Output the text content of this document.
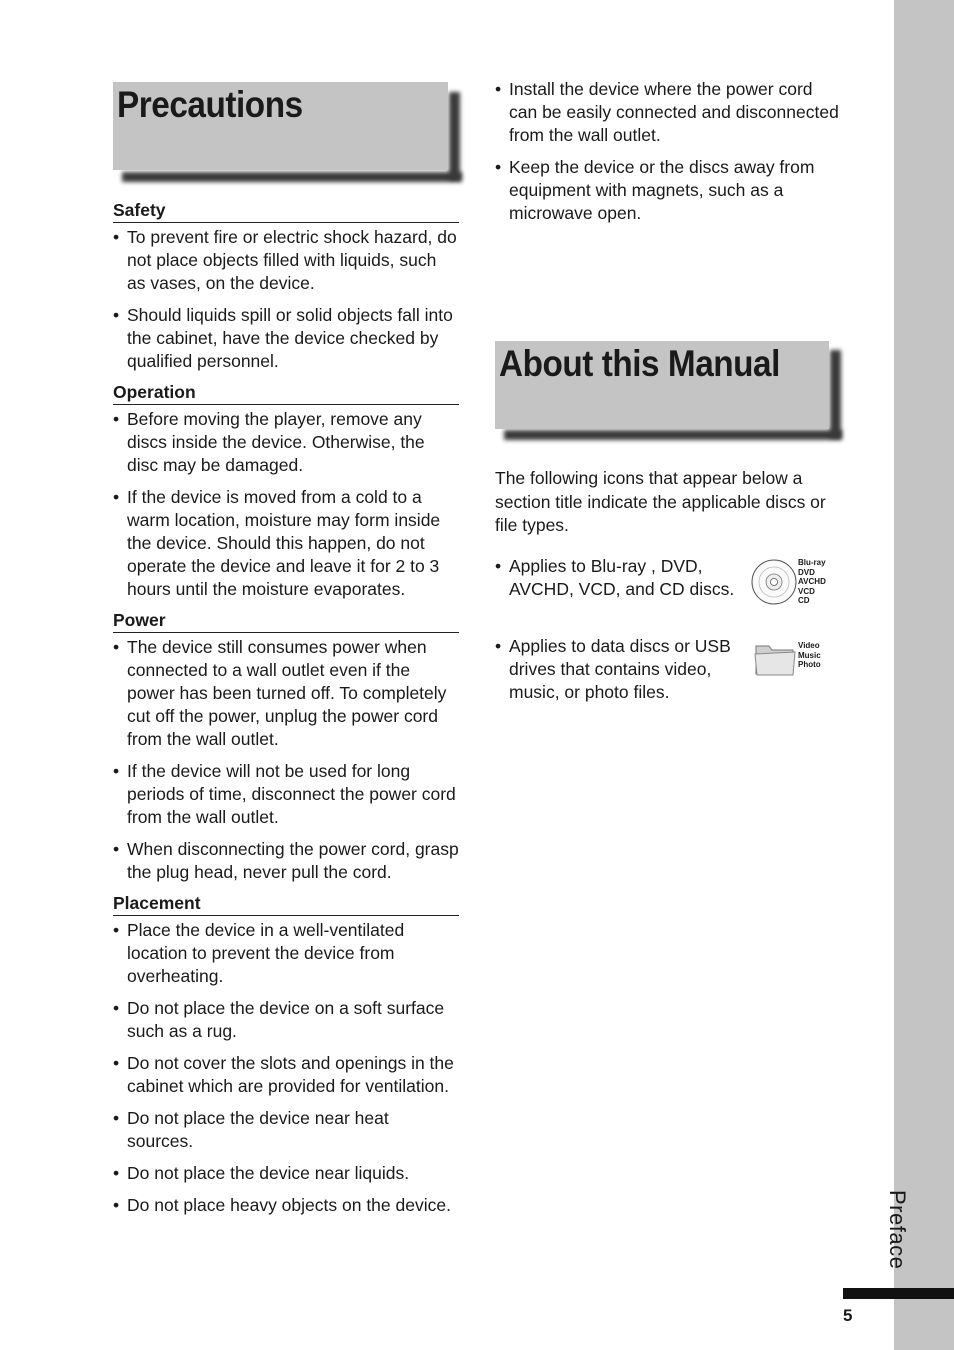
Preface
5
Precautions
Safety
• To prevent fire or electric shock hazard, do not place objects filled with liquids, such as vases, on the device.
• Should liquids spill or solid objects fall into the cabinet, have the device checked by qualified personnel.
Operation
• Before moving the player, remove any discs inside the device. Otherwise, the disc may be damaged.
• If the device is moved from a cold to a warm location, moisture may form inside the device. Should this happen, do not operate the device and leave it for 2 to 3 hours until the moisture evaporates.
Power
• The device still consumes power when connected to a wall outlet even if the power has been turned off. To completely cut off the power, unplug the power cord from the wall outlet.
• If the device will not be used for long periods of time, disconnect the power cord from the wall outlet.
• When disconnecting the power cord, grasp the plug head, never pull the cord.
Placement
• Place the device in a well-ventilated location to prevent the device from overheating.
• Do not place the device on a soft surface such as a rug.
• Do not cover the slots and openings in the cabinet which are provided for ventilation.
• Do not place the device near heat sources.
• Do not place the device near liquids.
• Do not place heavy objects on the device.
• Install the device where the power cord can be easily connected and disconnected from the wall outlet.
• Keep the device or the discs away from equipment with magnets, such as a microwave open.
About this Manual
The following icons that appear below a section title indicate the applicable discs or file types.
• Applies to Blu-ray , DVD, AVCHD, VCD, and CD discs.
Blu-ray
DVD
AVCHD
VCD
CD
• Applies to data discs or USB drives that contains video, music, or photo files.
Video
Music
Photo
